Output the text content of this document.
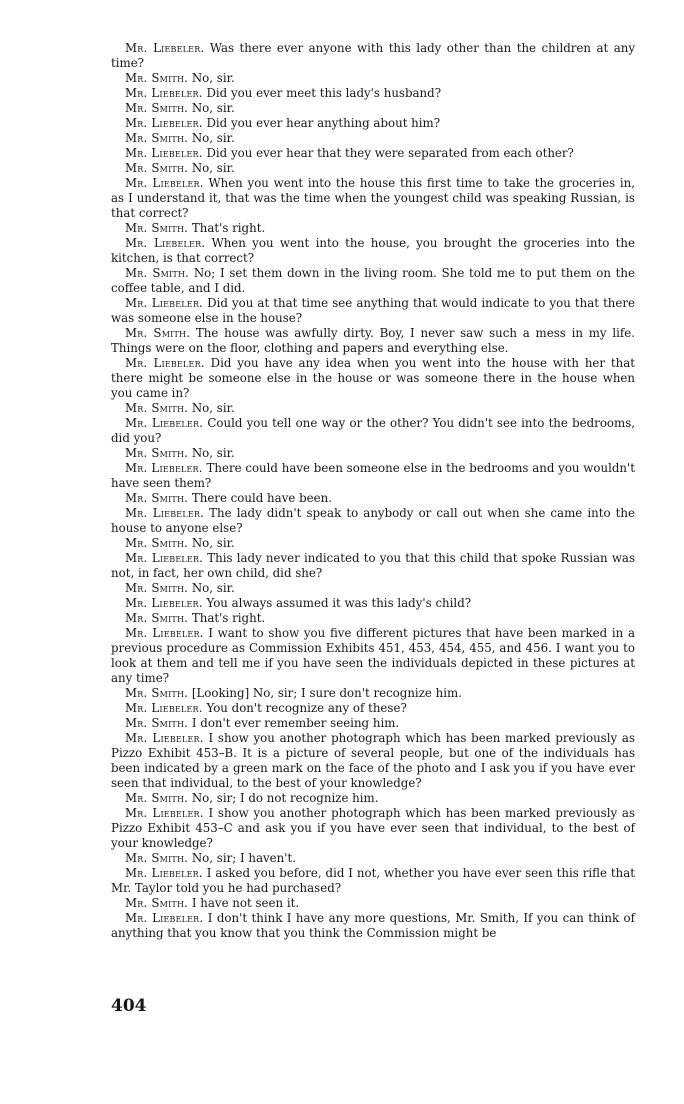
Mr. Liebeler. Was there ever anyone with this lady other than the children at any time?

Mr. Smith. No, sir.

Mr. Liebeler. Did you ever meet this lady's husband?

Mr. Smith. No, sir.

Mr. Liebeler. Did you ever hear anything about him?

Mr. Smith. No, sir.

Mr. Liebeler. Did you ever hear that they were separated from each other?

Mr. Smith. No, sir.

Mr. Liebeler. When you went into the house this first time to take the groceries in, as I understand it, that was the time when the youngest child was speaking Russian, is that correct?

Mr. Smith. That's right.

Mr. Liebeler. When you went into the house, you brought the groceries into the kitchen, is that correct?

Mr. Smith. No; I set them down in the living room. She told me to put them on the coffee table, and I did.

Mr. Liebeler. Did you at that time see anything that would indicate to you that there was someone else in the house?

Mr. Smith. The house was awfully dirty. Boy, I never saw such a mess in my life. Things were on the floor, clothing and papers and everything else.

Mr. Liebeler. Did you have any idea when you went into the house with her that there might be someone else in the house or was someone there in the house when you came in?

Mr. Smith. No, sir.

Mr. Liebeler. Could you tell one way or the other? You didn't see into the bedrooms, did you?

Mr. Smith. No, sir.

Mr. Liebeler. There could have been someone else in the bedrooms and you wouldn't have seen them?

Mr. Smith. There could have been.

Mr. Liebeler. The lady didn't speak to anybody or call out when she came into the house to anyone else?

Mr. Smith. No, sir.

Mr. Liebeler. This lady never indicated to you that this child that spoke Russian was not, in fact, her own child, did she?

Mr. Smith. No, sir.

Mr. Liebeler. You always assumed it was this lady's child?

Mr. Smith. That's right.

Mr. Liebeler. I want to show you five different pictures that have been marked in a previous procedure as Commission Exhibits 451, 453, 454, 455, and 456. I want you to look at them and tell me if you have seen the individuals depicted in these pictures at any time?

Mr. Smith. [Looking] No, sir; I sure don't recognize him.

Mr. Liebeler. You don't recognize any of these?

Mr. Smith. I don't ever remember seeing him.

Mr. Liebeler. I show you another photograph which has been marked previously as Pizzo Exhibit 453–B. It is a picture of several people, but one of the individuals has been indicated by a green mark on the face of the photo and I ask you if you have ever seen that individual, to the best of your knowledge?

Mr. Smith. No, sir; I do not recognize him.

Mr. Liebeler. I show you another photograph which has been marked previously as Pizzo Exhibit 453–C and ask you if you have ever seen that individual, to the best of your knowledge?

Mr. Smith. No, sir; I haven't.

Mr. Liebeler. I asked you before, did I not, whether you have ever seen this rifle that Mr. Taylor told you he had purchased?

Mr. Smith. I have not seen it.

Mr. Liebeler. I don't think I have any more questions, Mr. Smith, If you can think of anything that you know that you think the Commission might be

404
